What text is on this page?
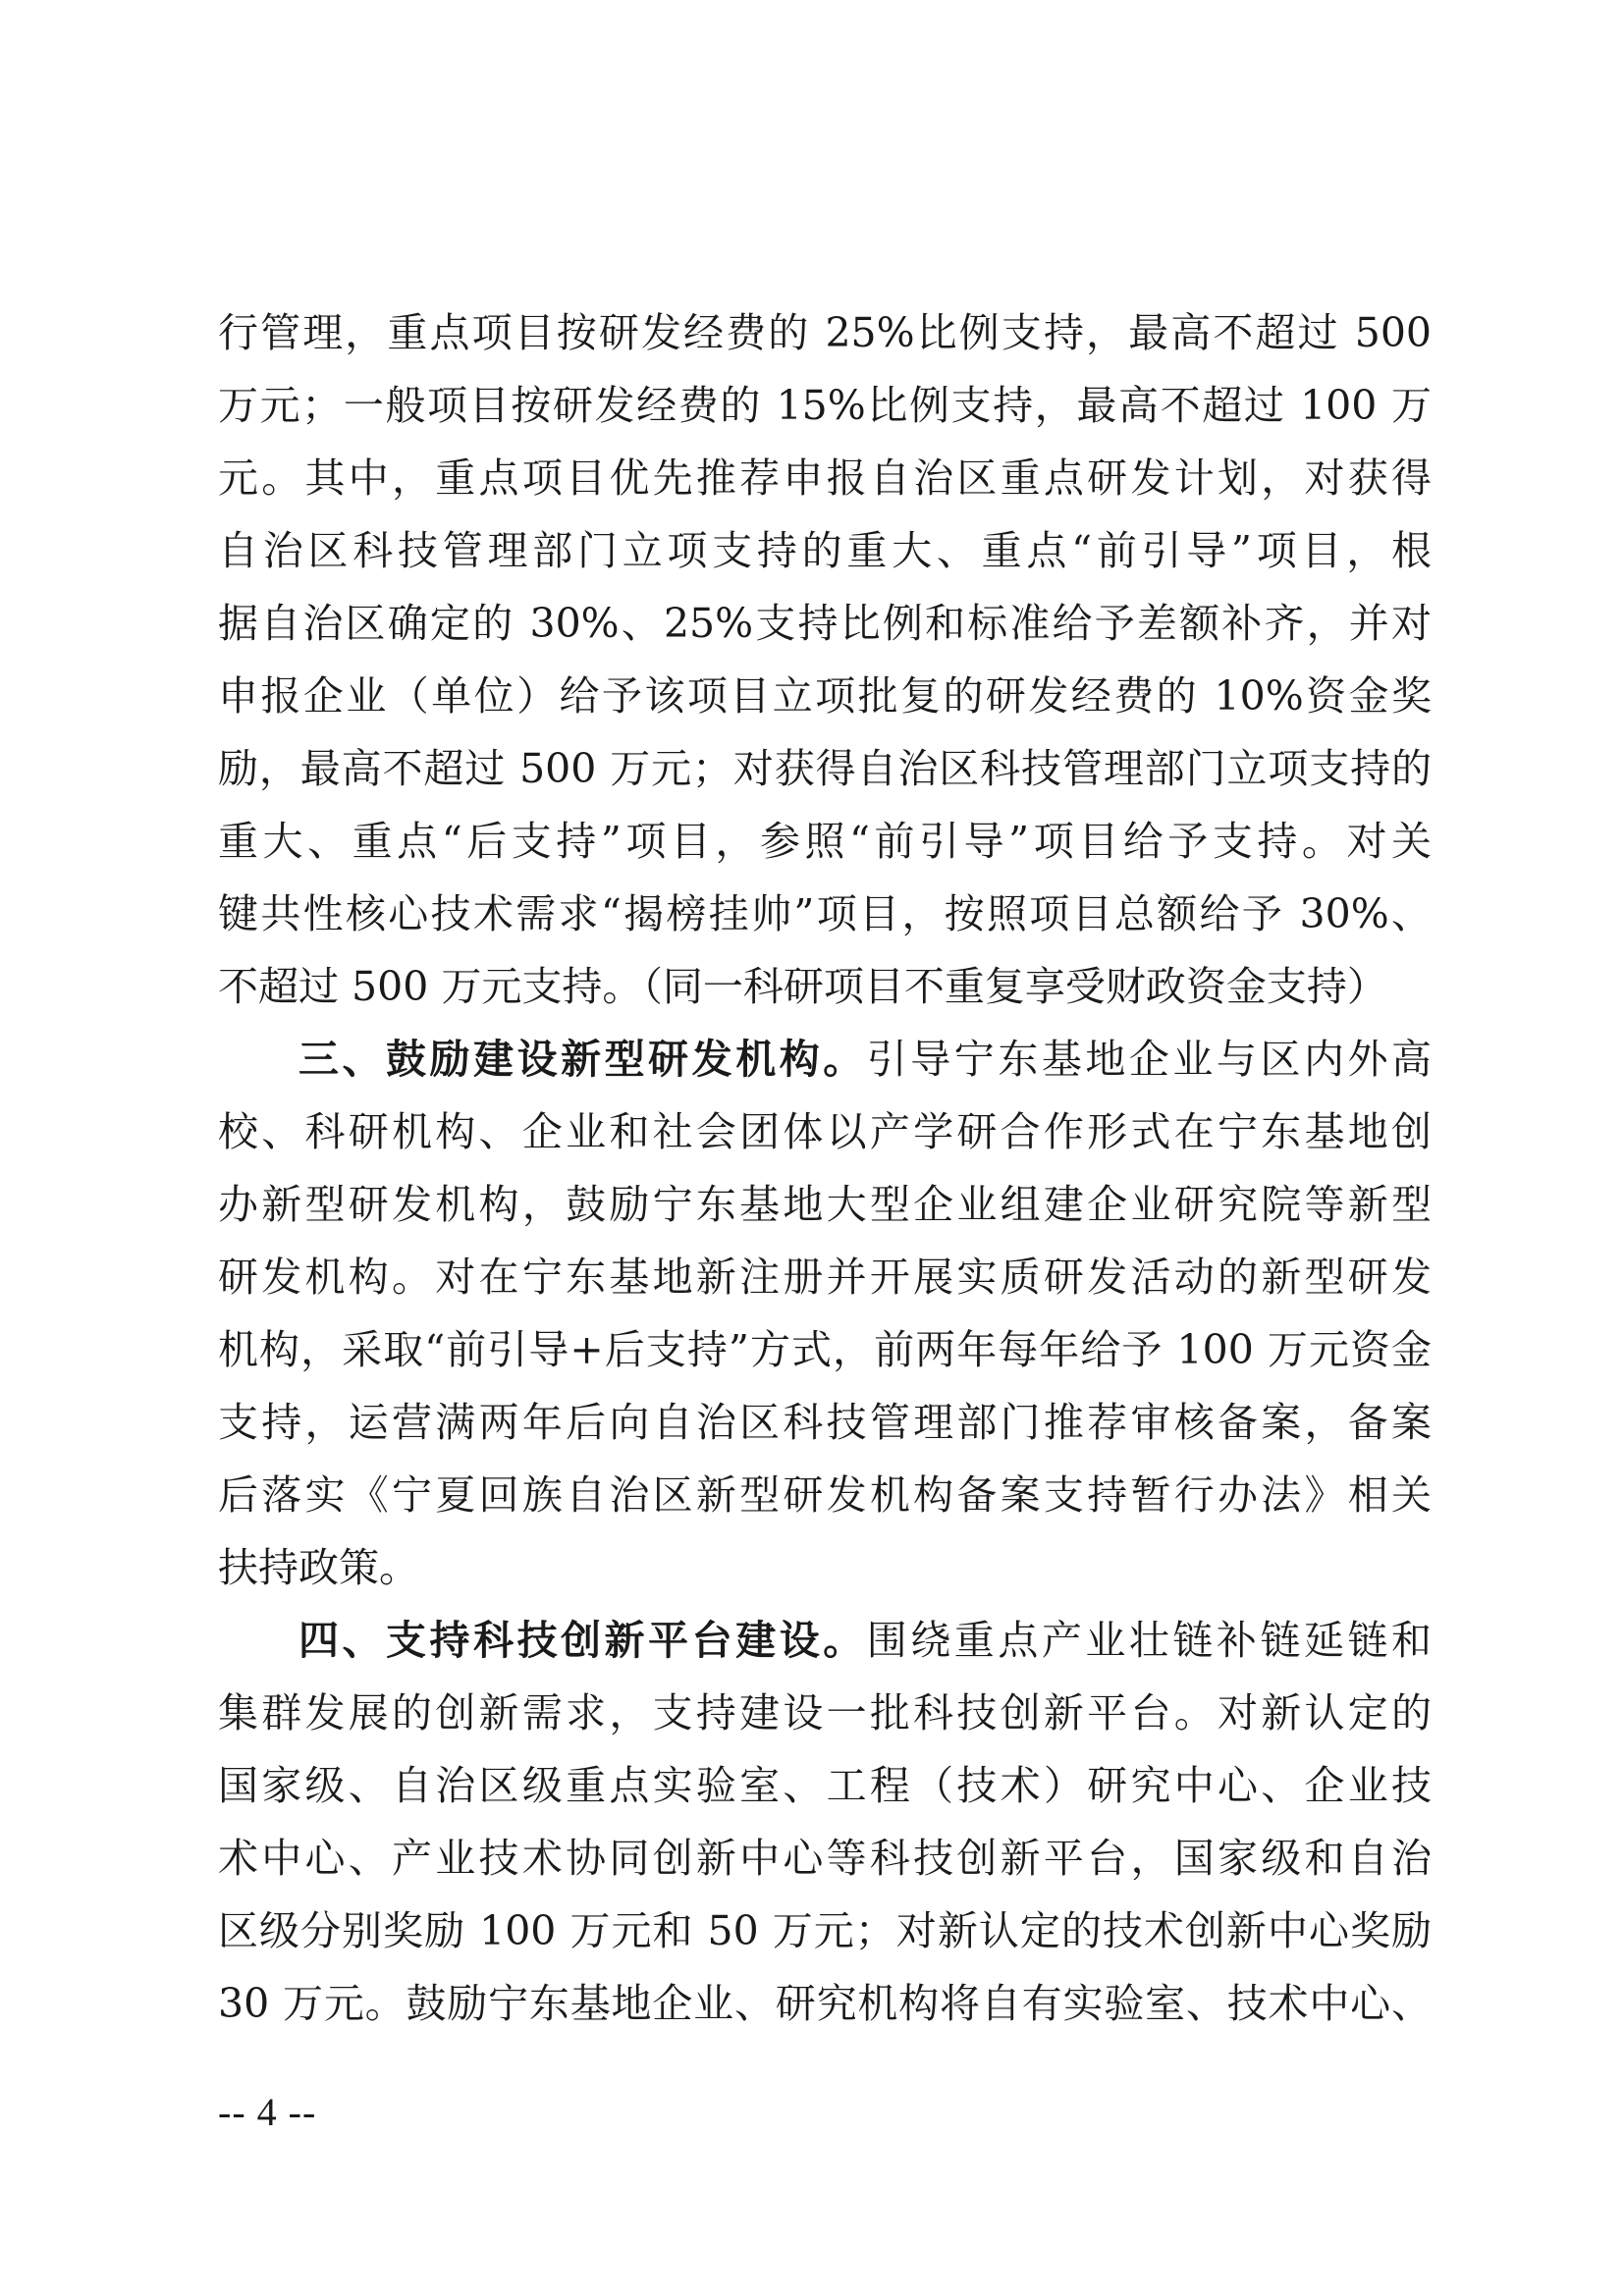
行管理，重点项目按研发经费的 25%比例支持，最高不超过 500
万元；一般项目按研发经费的 15%比例支持，最高不超过 100 万
元。其中，重点项目优先推荐申报自治区重点研发计划，对获得
自治区科技管理部门立项支持的重大、重点“前引导”项目，根
据自治区确定的 30%、25%支持比例和标准给予差额补齐，并对
申报企业（单位）给予该项目立项批复的研发经费的 10%资金奖
励，最高不超过 500 万元；对获得自治区科技管理部门立项支持的
重大、重点“后支持”项目，参照“前引导”项目给予支持。对关
键共性核心技术需求“揭榜挂帅”项目，按照项目总额给予 30%、
不超过 500 万元支持。（同一科研项目不重复享受财政资金支持）
三、鼓励建设新型研发机构。引导宁东基地企业与区内外高
校、科研机构、企业和社会团体以产学研合作形式在宁东基地创
办新型研发机构，鼓励宁东基地大型企业组建企业研究院等新型
研发机构。对在宁东基地新注册并开展实质研发活动的新型研发
机构，采取“前引导+后支持”方式，前两年每年给予 100 万元资金
支持，运营满两年后向自治区科技管理部门推荐审核备案，备案
后落实《宁夏回族自治区新型研发机构备案支持暂行办法》相关
扶持政策。
四、支持科技创新平台建设。围绕重点产业壮链补链延链和
集群发展的创新需求，支持建设一批科技创新平台。对新认定的
国家级、自治区级重点实验室、工程（技术）研究中心、企业技
术中心、产业技术协同创新中心等科技创新平台，国家级和自治
区级分别奖励 100 万元和 50 万元；对新认定的技术创新中心奖励
30 万元。鼓励宁东基地企业、研究机构将自有实验室、技术中心、
-- 4 --
